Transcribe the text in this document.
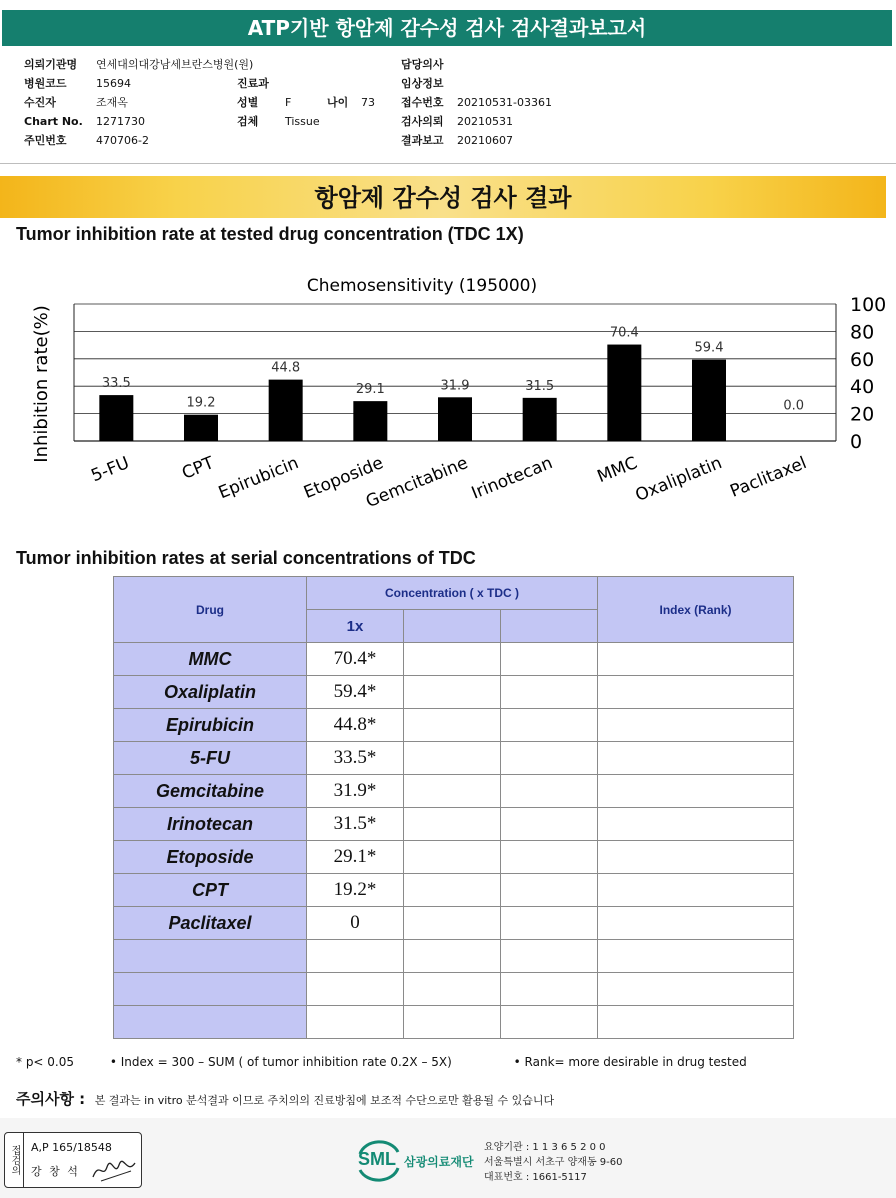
ATP기반 항암제 감수성 검사 검사결과보고서
의뢰기관명	연세대의대강남세브란스병원(원)
병원코드	15694
수진자	조재옥
Chart No.	1271730
주민번호	470706-2
진료과
성별	F	나이	73
검체	Tissue
담당의사
임상정보
접수번호	20210531-03361
검사의뢰	20210531
결과보고	20210607
항암제 감수성 검사 결과
Tumor inhibition rate at tested drug concentration (TDC 1X)
Chemosensitivity (195000)
Inhibition rate(%)	33.5
19.2
44.8
29.1	31.9	31.5
70.4
59.4
0.0
0
20
40
60
80
100
5-FU	CPT
Epirubicin Etoposide
Gemcitabine
Irinotecan MMC
Oxaliplatin Paclitaxel
Tumor inhibition rates at serial concentrations of TDC
Drug	Concentration ( x TDC )			Index (Rank)
	1x			
MMC	70.4*			
Oxaliplatin	59.4*			
Epirubicin	44.8*			
5-FU	33.5*			
Gemcitabine	31.9*			
Irinotecan	31.5*			
Etoposide	29.1*			
CPT	19.2*			
Paclitaxel	0			

* p< 0.05	• Index = 300 – SUM ( of tumor inhibition rate 0.2X – 5X)	• Rank= more desirable in drug tested
주의사항 : 본 결과는 in vitro 분석결과 이므로 주치의의 진료방침에 보조적 수단으로만 활용될 수 있습니다
접검의	A,P 165/18548
강 창 석
SML 삼광의료재단
요양기관 : 1 1 3 6 5 2 0 0
서울특별시 서초구 양재동 9-60
대표번호 : 1661-5117
